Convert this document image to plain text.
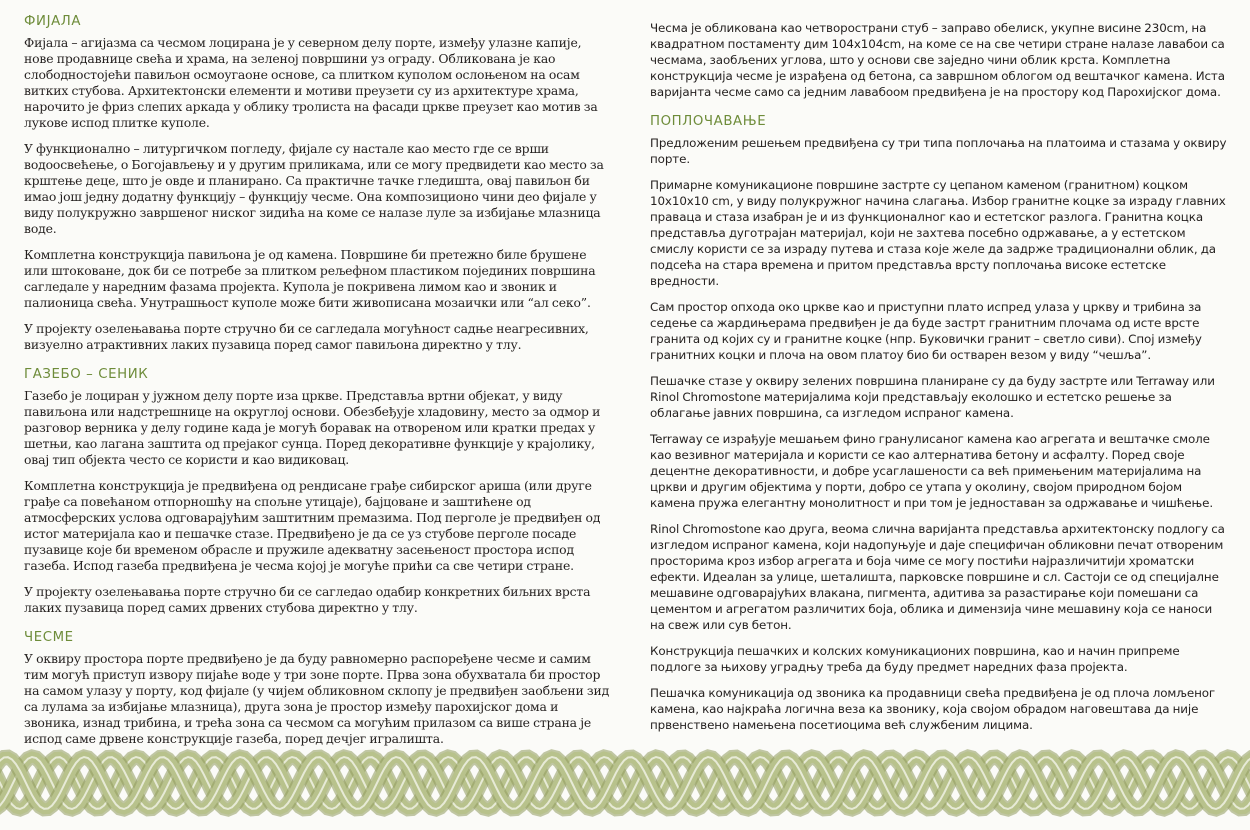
ФИЈАЛА

Фијала – агијазма са чесмом лоцирана је у северном делу порте, између улазне капије, нове продавнице свећа и храма, на зеленој површини уз ограду. Обликована је као слободностојећи павиљон осмоугаоне основе, са плитком куполом ослоњеном на осам витких стубова. Архитектонски елементи и мотиви преузети су из архитектуре храма, нарочито је фриз слепих аркада у облику тролиста на фасади цркве преузет као мотив за лукове испод плитке куполе.

У функционално – литургичком погледу, фијале су настале као место где се врши водоосвећење, о Богојављењу и у другим приликама, или се могу предвидети као место за крштење деце, што је овде и планирано. Са практичне тачке гледишта, овај павиљон би имао још једну додатну функцију – функцију чесме. Она композиционо чини део фијале у виду полукружно завршеног ниског зидића на коме се налазе луле за избијање млазница воде.

Комплетна конструкција павиљона је од камена. Површине би претежно биле брушене или штоковане, док би се потребе за плитком рељефном пластиком појединих површина сагледале у наредним фазама пројекта. Купола је покривена лимом као и звоник и палионица свећа. Унутрашњост куполе може бити живописана мозаички или “ал секо”.

У пројекту озелењавања порте стручно би се сагледала могућност садње неагресивних, визуелно атрактивних лаких пузавица поред самог павиљона директно у тлу.

ГАЗЕБО – СЕНИК

Газебо је лоциран у јужном делу порте иза цркве. Представља вртни објекат, у виду павиљона или надстрешнице на округлој основи. Обезбеђује хладовину, место за одмор и разговор верника у делу године када је могућ боравак на отвореном или кратки предах у шетњи, као лагана заштита од прејаког сунца. Поред декоративне функције у крајолику, овај тип објекта често се користи и као видиковац.

Комплетна конструкција је предвиђена од рендисане грађе сибирског ариша (или друге грађе са повећаном отпорношћу на спољне утицаје), бајцоване и заштићене од атмосферских услова одговарајућим заштитним премазима. Под перголе је предвиђен од истог материјала као и пешачке стазе. Предвиђено је да се уз стубове перголе посаде пузавице које би временом обрасле и пружиле адекватну засењеност простора испод газеба. Испод газеба предвиђена је чесма којој је могуће прићи са све четири стране.

У пројекту озелењавања порте стручно би се сагледао одабир конкретних биљних врста лаких пузавица поред самих дрвених стубова директно у тлу.

ЧЕСМЕ

У оквиру простора порте предвиђено је да буду равномерно распоређене чесме и самим тим могућ приступ извору пијаће воде у три зоне порте. Прва зона обухватала би простор на самом улазу у порту, код фијале (у чијем обликовном склопу је предвиђен заобљени зид са лулама за избијање млазница), друга зона је простор између парохијског дома и звоника, изнад трибина, и трећа зона са чесмом са могућим прилазом са више страна је испод саме дрвене конструкције газеба, поред дечјег игралишта.

Чесма је обликована као четворострани стуб – заправо обелиск, укупне висине 230cm, на квадратном постаменту дим 104x104cm, на коме се на све четири стране налазе лавабои са чесмама, заобљених углова, што у основи све заједно чини облик крста. Комплетна конструкција чесме је израђена од бетона, са завршном облогом од вештачког камена. Иста варијанта чесме само са једним лавабоом предвиђена је на простору код Парохијског дома.

ПОПЛОЧАВАЊЕ

Предложеним решењем предвиђена су три типа поплочања на платоима и стазама у оквиру порте.

Примарне комуникационе површине застрте су цепаном каменом (гранитном) коцком 10x10x10 cm, у виду полукружног начина слагања. Избор гранитне коцке за израду главних правaца и стаза изабран је и из функционалног као и естетског разлога. Гранитна коцка представља дуготрајан материјал, који не захтева посебно одржавање, а у естетском смислу користи се за израду путева и стаза које желе да задрже традиционални облик, да подсећа на стара времена и притом представља врсту поплочања високе естетске вредности.

Сам простор опхода око цркве као и приступни плато испред улаза у цркву и трибина за седење са жардињерама предвиђен је да буде застрт гранитним плочама од исте врсте гранита од којих су и гранитне коцке (нпр. Буковички гранит – светло сиви). Спој између гранитних коцки и плоча на овом платоу био би остварен везом у виду “чешља”.

Пешачке стазе у оквиру зелених површина планиране су да буду застрте или Terraway или Rinol Chromostone материјалима који представљају еколошко и естетско решење за облагање јавних површина, са изгледом испраног камена.

Terraway се израђује мешањем фино гранулисаног камена као агрегата и вештачке смоле као везивног материјала и користи се као алтернатива бетону и асфалту. Поред своје децентне декоративности, и добре усаглашености са већ примењеним материјалима на цркви и другим објектима у порти, добро се утапа у околину, својом природном бојом камена пружа елегантну монолитност и при том је једноставан за одржавање и чишћење.

Rinol Chromostone као друга, веома слична варијанта представља архитектонску подлогу са изгледом испраног камена, који надопуњује и даје специфичан обликовни печат отвореним просторима кроз избор агрегата и боја чиме се могу постићи најразличитији хроматски ефекти. Идеалан за улице, шеталишта, парковске површине и сл. Састоји се од специјалне мешавине одговарајућих влакана, пигмента, адитива за разастирање који помешани са цементом и агрегатом различитих боја, облика и димензија чине мешавину која се наноси на свеж или сув бетон.

Конструкција пешачких и колских комуникационих површина, као и начин припреме подлоге за њихову уградњу треба да буду предмет наредних фаза пројекта.

Пешачка комуникација од звоника ка продавници свећа предвиђена је од плоча ломљеног камена, као најкраћа логична веза ка звонику, која својом обрадом наговештава да није првенствено намењена посетиоцима већ службеним лицима.
